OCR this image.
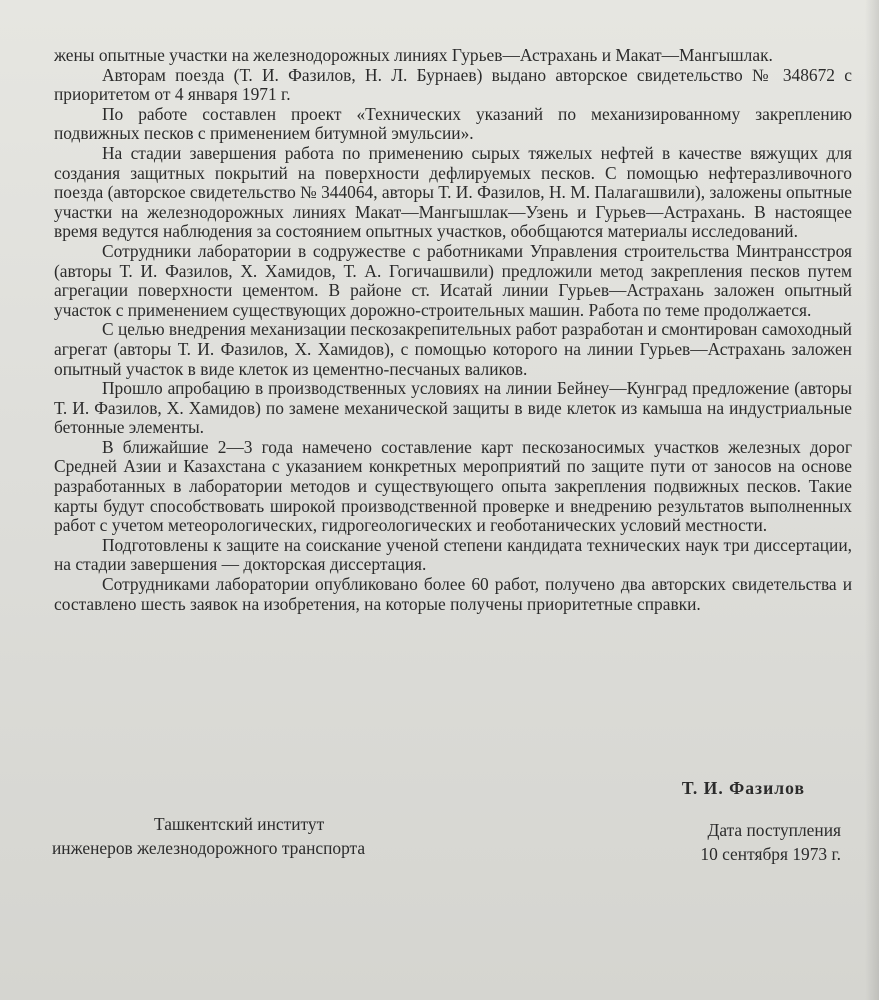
жены опытные участки на железнодорожных линиях Гурьев—Астрахань и Макат—Мангышлак.

Авторам поезда (Т. И. Фазилов, Н. Л. Бурнаев) выдано авторское свидетельство № 348672 с приоритетом от 4 января 1971 г.

По работе составлен проект «Технических указаний по механизированному закреплению подвижных песков с применением битумной эмульсии».

На стадии завершения работа по применению сырых тяжелых нефтей в качестве вяжущих для создания защитных покрытий на поверхности дефлируемых песков. С помощью нефтеразливочного поезда (авторское свидетельство № 344064, авторы Т. И. Фазилов, Н. М. Палагашвили), заложены опытные участки на железнодорожных линиях Макат—Мангышлак—Узень и Гурьев—Астрахань. В настоящее время ведутся наблюдения за состоянием опытных участков, обобщаются материалы исследований.

Сотрудники лаборатории в содружестве с работниками Управления строительства Минтрансстроя (авторы Т. И. Фазилов, Х. Хамидов, Т. А. Гогичашвили) предложили метод закрепления песков путем агрегации поверхности цементом. В районе ст. Исатай линии Гурьев—Астрахань заложен опытный участок с применением существующих дорожно-строительных машин. Работа по теме продолжается.

С целью внедрения механизации пескозакрепительных работ разработан и смонтирован самоходный агрегат (авторы Т. И. Фазилов, Х. Хамидов), с помощью которого на линии Гурьев—Астрахань заложен опытный участок в виде клеток из цементно-песчаных валиков.

Прошло апробацию в производственных условиях на линии Бейнеу—Кунград предложение (авторы Т. И. Фазилов, Х. Хамидов) по замене механической защиты в виде клеток из камыша на индустриальные бетонные элементы.

В ближайшие 2—3 года намечено составление карт пескозаносимых участков железных дорог Средней Азии и Казахстана с указанием конкретных мероприятий по защите пути от заносов на основе разработанных в лаборатории методов и существующего опыта закрепления подвижных песков. Такие карты будут способствовать широкой производственной проверке и внедрению результатов выполненных работ с учетом метеорологических, гидрогеологических и геоботанических условий местности.

Подготовлены к защите на соискание ученой степени кандидата технических наук три диссертации, на стадии завершения — докторская диссертация.

Сотрудниками лаборатории опубликовано более 60 работ, получено два авторских свидетельства и составлено шесть заявок на изобретения, на которые получены приоритетные справки.

Т. И. Фазилов
Ташкентский институт
инженеров железнодорожного транспорта
Дата поступления
10 сентября 1973 г.
